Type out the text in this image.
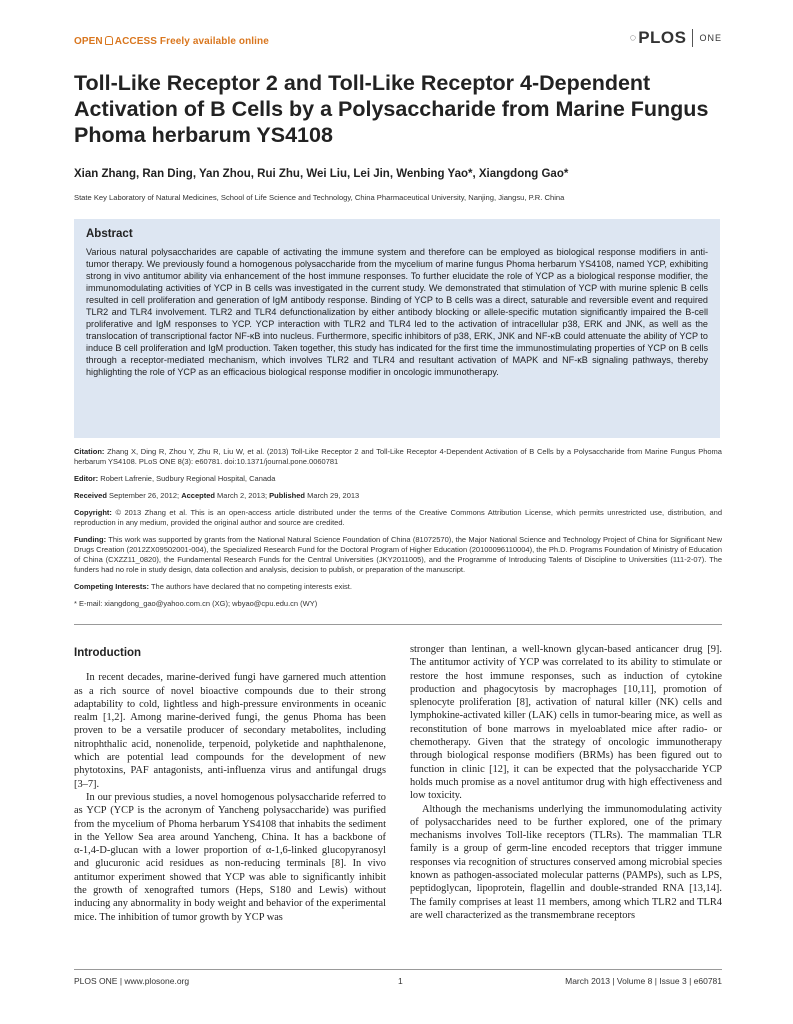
OPEN ACCESS Freely available online	◌ PLOS ONE
Toll-Like Receptor 2 and Toll-Like Receptor 4-Dependent Activation of B Cells by a Polysaccharide from Marine Fungus Phoma herbarum YS4108
Xian Zhang, Ran Ding, Yan Zhou, Rui Zhu, Wei Liu, Lei Jin, Wenbing Yao*, Xiangdong Gao*
State Key Laboratory of Natural Medicines, School of Life Science and Technology, China Pharmaceutical University, Nanjing, Jiangsu, P.R. China
Abstract

Various natural polysaccharides are capable of activating the immune system and therefore can be employed as biological response modifiers in anti-tumor therapy. We previously found a homogenous polysaccharide from the mycelium of marine fungus Phoma herbarum YS4108, named YCP, exhibiting strong in vivo antitumor ability via enhancement of the host immune responses. To further elucidate the role of YCP as a biological response modifier, the immunomodulating activities of YCP in B cells was investigated in the current study. We demonstrated that stimulation of YCP with murine splenic B cells resulted in cell proliferation and generation of IgM antibody response. Binding of YCP to B cells was a direct, saturable and reversible event and required TLR2 and TLR4 involvement. TLR2 and TLR4 defunctionalization by either antibody blocking or allele-specific mutation significantly impaired the B-cell proliferative and IgM responses to YCP. YCP interaction with TLR2 and TLR4 led to the activation of intracellular p38, ERK and JNK, as well as the translocation of transcriptional factor NF-κB into nucleus. Furthermore, specific inhibitors of p38, ERK, JNK and NF-κB could attenuate the ability of YCP to induce B cell proliferation and IgM production. Taken together, this study has indicated for the first time the immunostimulating properties of YCP on B cells through a receptor-mediated mechanism, which involves TLR2 and TLR4 and resultant activation of MAPK and NF-κB signaling pathways, thereby highlighting the role of YCP as an efficacious biological response modifier in oncologic immunotherapy.

Citation: Zhang X, Ding R, Zhou Y, Zhu R, Liu W, et al. (2013) Toll-Like Receptor 2 and Toll-Like Receptor 4-Dependent Activation of B Cells by a Polysaccharide from Marine Fungus Phoma herbarum YS4108. PLoS ONE 8(3): e60781. doi:10.1371/journal.pone.0060781

Editor: Robert Lafrenie, Sudbury Regional Hospital, Canada

Received September 26, 2012; Accepted March 2, 2013; Published March 29, 2013

Copyright: © 2013 Zhang et al. This is an open-access article distributed under the terms of the Creative Commons Attribution License, which permits unrestricted use, distribution, and reproduction in any medium, provided the original author and source are credited.

Funding: This work was supported by grants from the National Natural Science Foundation of China (81072570), the Major National Science and Technology Project of China for Significant New Drugs Creation (2012ZX09502001-004), the Specialized Research Fund for the Doctoral Program of Higher Education (20100096110004), the Ph.D. Programs Foundation of Ministry of Education of China (CXZZ11_0820), the Fundamental Research Funds for the Central Universities (JKY2011005), and the Programme of Introducing Talents of Discipline to Universities (111-2-07). The funders had no role in study design, data collection and analysis, decision to publish, or preparation of the manuscript.

Competing Interests: The authors have declared that no competing interests exist.

* E-mail: xiangdong_gao@yahoo.com.cn (XG); wbyao@cpu.edu.cn (WY)

Introduction

In recent decades, marine-derived fungi have garnered much attention as a rich source of novel bioactive compounds due to their strong adaptability to cold, lightless and high-pressure environments in oceanic realm [1,2]. Among marine-derived fungi, the genus Phoma has been proven to be a versatile producer of secondary metabolites, including nitrophthalic acid, nonenolide, terpenoid, polyketide and naphthalenone, which are potential lead compounds for the development of new phytotoxins, PAF antagonists, anti-influenza virus and antifungal drugs [3–7].

In our previous studies, a novel homogenous polysaccharide referred to as YCP (YCP is the acronym of Yancheng polysaccharide) was purified from the mycelium of Phoma herbarum YS4108 that inhabits the sediment in the Yellow Sea area around Yancheng, China. It has a backbone of α-1,4-D-glucan with a lower proportion of α-1,6-linked glucopyranosyl and glucuronic acid residues as non-reducing terminals [8]. In vivo antitumor experiment showed that YCP was able to significantly inhibit the growth of xenografted tumors (Heps, S180 and Lewis) without inducing any abnormality in body weight and behavior of the experimental mice. The inhibition of tumor growth by YCP was

stronger than lentinan, a well-known glycan-based anticancer drug [9]. The antitumor activity of YCP was correlated to its ability to stimulate or restore the host immune responses, such as induction of cytokine production and phagocytosis by macrophages [10,11], promotion of splenocyte proliferation [8], activation of natural killer (NK) cells and lymphokine-activated killer (LAK) cells in tumor-bearing mice, as well as reconstitution of bone marrows in myeloablated mice after radio- or chemotherapy. Given that the strategy of oncologic immunotherapy through biological response modifiers (BRMs) has been figured out to function in clinic [12], it can be expected that the polysaccharide YCP holds much promise as a novel antitumor drug with high effectiveness and low toxicity.

Although the mechanisms underlying the immunomodulating activity of polysaccharides need to be further explored, one of the primary mechanisms involves Toll-like receptors (TLRs). The mammalian TLR family is a group of germ-line encoded receptors that trigger immune responses via recognition of structures conserved among microbial species known as pathogen-associated molecular patterns (PAMPs), such as LPS, peptidoglycan, lipoprotein, flagellin and double-stranded RNA [13,14]. The family comprises at least 11 members, among which TLR2 and TLR4 are well characterized as the transmembrane receptors

PLOS ONE | www.plosone.org	1	March 2013 | Volume 8 | Issue 3 | e60781
